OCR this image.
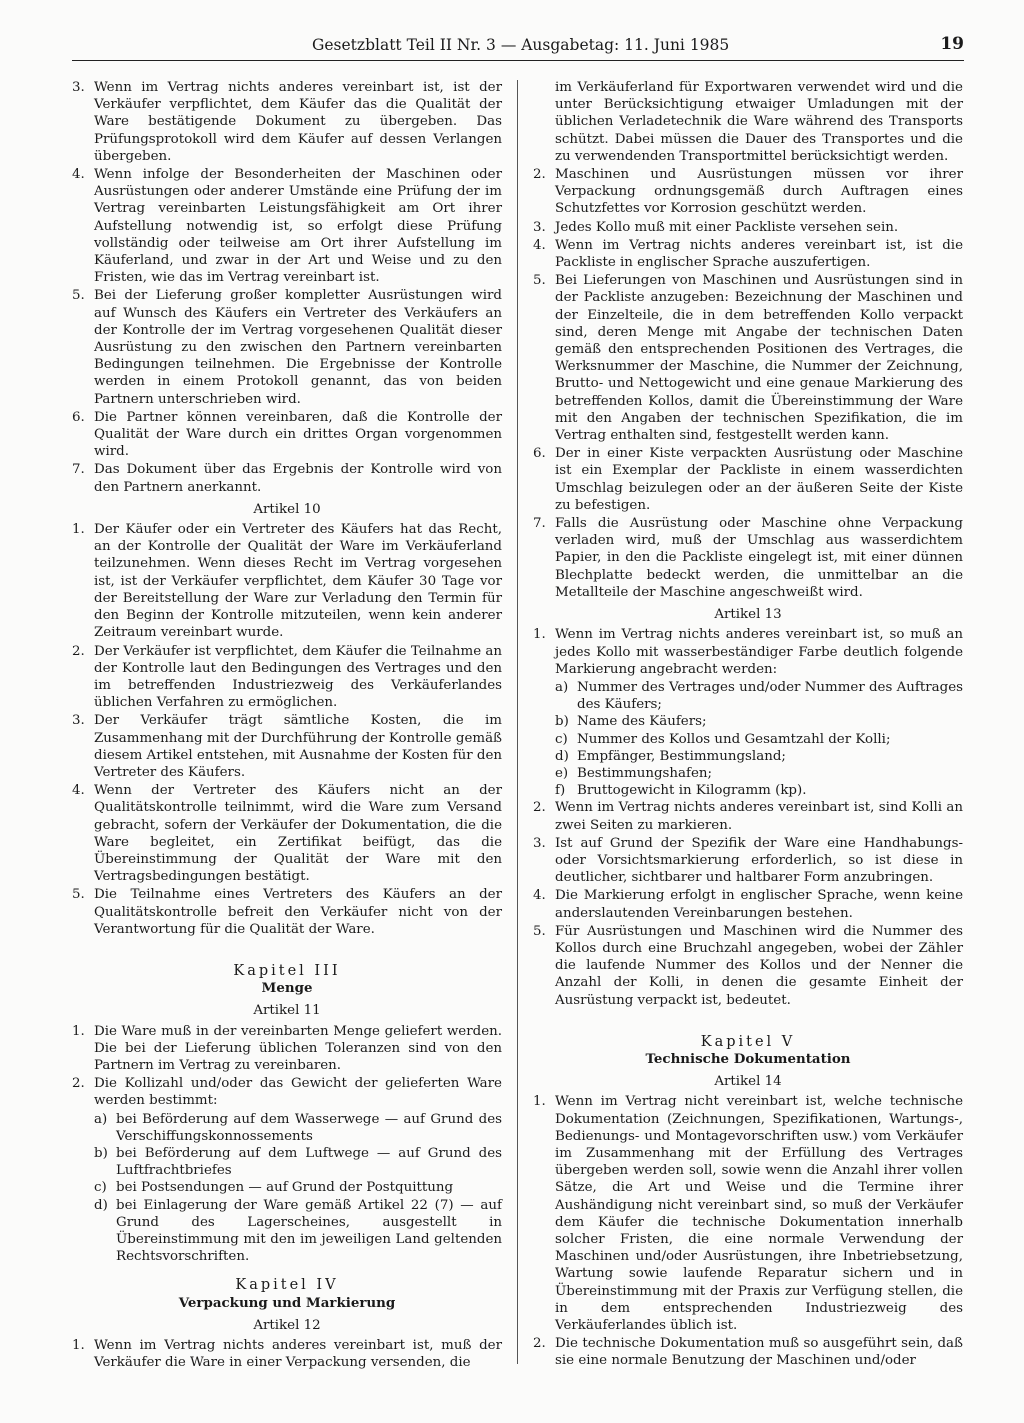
Gesetzblatt Teil II Nr. 3 — Ausgabetag: 11. Juni 1985	19
3. Wenn im Vertrag nichts anderes vereinbart ist, ist der Verkäufer verpflichtet, dem Käufer das die Qualität der Ware bestätigende Dokument zu übergeben. Das Prüfungsprotokoll wird dem Käufer auf dessen Verlangen übergeben.
4. Wenn infolge der Besonderheiten der Maschinen oder Ausrüstungen oder anderer Umstände eine Prüfung der im Vertrag vereinbarten Leistungsfähigkeit am Ort ihrer Aufstellung notwendig ist, so erfolgt diese Prüfung vollständig oder teilweise am Ort ihrer Aufstellung im Käuferland, und zwar in der Art und Weise und zu den Fristen, wie das im Vertrag vereinbart ist.
5. Bei der Lieferung großer kompletter Ausrüstungen wird auf Wunsch des Käufers ein Vertreter des Verkäufers an der Kontrolle der im Vertrag vorgesehenen Qualität dieser Ausrüstung zu den zwischen den Partnern vereinbarten Bedingungen teilnehmen. Die Ergebnisse der Kontrolle werden in einem Protokoll genannt, das von beiden Partnern unterschrieben wird.
6. Die Partner können vereinbaren, daß die Kontrolle der Qualität der Ware durch ein drittes Organ vorgenommen wird.
7. Das Dokument über das Ergebnis der Kontrolle wird von den Partnern anerkannt.
Artikel 10
1. Der Käufer oder ein Vertreter des Käufers hat das Recht, an der Kontrolle der Qualität der Ware im Verkäuferland teilzunehmen. Wenn dieses Recht im Vertrag vorgesehen ist, ist der Verkäufer verpflichtet, dem Käufer 30 Tage vor der Bereitstellung der Ware zur Verladung den Termin für den Beginn der Kontrolle mitzuteilen, wenn kein anderer Zeitraum vereinbart wurde.
2. Der Verkäufer ist verpflichtet, dem Käufer die Teilnahme an der Kontrolle laut den Bedingungen des Vertrages und den im betreffenden Industriezweig des Verkäuferlandes üblichen Verfahren zu ermöglichen.
3. Der Verkäufer trägt sämtliche Kosten, die im Zusammenhang mit der Durchführung der Kontrolle gemäß diesem Artikel entstehen, mit Ausnahme der Kosten für den Vertreter des Käufers.
4. Wenn der Vertreter des Käufers nicht an der Qualitätskontrolle teilnimmt, wird die Ware zum Versand gebracht, sofern der Verkäufer der Dokumentation, die die Ware begleitet, ein Zertifikat beifügt, das die Übereinstimmung der Qualität der Ware mit den Vertragsbedingungen bestätigt.
5. Die Teilnahme eines Vertreters des Käufers an der Qualitätskontrolle befreit den Verkäufer nicht von der Verantwortung für die Qualität der Ware.
Kapitel III
Menge
Artikel 11
1. Die Ware muß in der vereinbarten Menge geliefert werden. Die bei der Lieferung üblichen Toleranzen sind von den Partnern im Vertrag zu vereinbaren.
2. Die Kollizahl und/oder das Gewicht der gelieferten Ware werden bestimmt:
a) bei Beförderung auf dem Wasserwege — auf Grund des Verschiffungskonnossements
b) bei Beförderung auf dem Luftwege — auf Grund des Luftfrachtbriefes
c) bei Postsendungen — auf Grund der Postquittung
d) bei Einlagerung der Ware gemäß Artikel 22 (7) — auf Grund des Lagerscheines, ausgestellt in Übereinstimmung mit den im jeweiligen Land geltenden Rechtsvorschriften.
Kapitel IV
Verpackung und Markierung
Artikel 12
1. Wenn im Vertrag nichts anderes vereinbart ist, muß der Verkäufer die Ware in einer Verpackung versenden, die
im Verkäuferland für Exportwaren verwendet wird und die unter Berücksichtigung etwaiger Umladungen mit der üblichen Verladetechnik die Ware während des Transports schützt. Dabei müssen die Dauer des Transportes und die zu verwendenden Transportmittel berücksichtigt werden.
2. Maschinen und Ausrüstungen müssen vor ihrer Verpackung ordnungsgemäß durch Auftragen eines Schutzfettes vor Korrosion geschützt werden.
3. Jedes Kollo muß mit einer Packliste versehen sein.
4. Wenn im Vertrag nichts anderes vereinbart ist, ist die Packliste in englischer Sprache auszufertigen.
5. Bei Lieferungen von Maschinen und Ausrüstungen sind in der Packliste anzugeben: Bezeichnung der Maschinen und der Einzelteile, die in dem betreffenden Kollo verpackt sind, deren Menge mit Angabe der technischen Daten gemäß den entsprechenden Positionen des Vertrages, die Werksnummer der Maschine, die Nummer der Zeichnung, Brutto- und Nettogewicht und eine genaue Markierung des betreffenden Kollos, damit die Übereinstimmung der Ware mit den Angaben der technischen Spezifikation, die im Vertrag enthalten sind, festgestellt werden kann.
6. Der in einer Kiste verpackten Ausrüstung oder Maschine ist ein Exemplar der Packliste in einem wasserdichten Umschlag beizulegen oder an der äußeren Seite der Kiste zu befestigen.
7. Falls die Ausrüstung oder Maschine ohne Verpackung verladen wird, muß der Umschlag aus wasserdichtem Papier, in den die Packliste eingelegt ist, mit einer dünnen Blechplatte bedeckt werden, die unmittelbar an die Metallteile der Maschine angeschweißt wird.
Artikel 13
1. Wenn im Vertrag nichts anderes vereinbart ist, so muß an jedes Kollo mit wasserbeständiger Farbe deutlich folgende Markierung angebracht werden:
a) Nummer des Vertrages und/oder Nummer des Auftrages des Käufers;
b) Name des Käufers;
c) Nummer des Kollos und Gesamtzahl der Kolli;
d) Empfänger, Bestimmungsland;
e) Bestimmungshafen;
f) Bruttogewicht in Kilogramm (kp).
2. Wenn im Vertrag nichts anderes vereinbart ist, sind Kolli an zwei Seiten zu markieren.
3. Ist auf Grund der Spezifik der Ware eine Handhabungs- oder Vorsichtsmarkierung erforderlich, so ist diese in deutlicher, sichtbarer und haltbarer Form anzubringen.
4. Die Markierung erfolgt in englischer Sprache, wenn keine anderslautenden Vereinbarungen bestehen.
5. Für Ausrüstungen und Maschinen wird die Nummer des Kollos durch eine Bruchzahl angegeben, wobei der Zähler die laufende Nummer des Kollos und der Nenner die Anzahl der Kolli, in denen die gesamte Einheit der Ausrüstung verpackt ist, bedeutet.
Kapitel V
Technische Dokumentation
Artikel 14
1. Wenn im Vertrag nicht vereinbart ist, welche technische Dokumentation (Zeichnungen, Spezifikationen, Wartungs-, Bedienungs- und Montagevorschriften usw.) vom Verkäufer im Zusammenhang mit der Erfüllung des Vertrages übergeben werden soll, sowie wenn die Anzahl ihrer vollen Sätze, die Art und Weise und die Termine ihrer Aushändigung nicht vereinbart sind, so muß der Verkäufer dem Käufer die technische Dokumentation innerhalb solcher Fristen, die eine normale Verwendung der Maschinen und/oder Ausrüstungen, ihre Inbetriebsetzung, Wartung sowie laufende Reparatur sichern und in Übereinstimmung mit der Praxis zur Verfügung stellen, die in dem entsprechenden Industriezweig des Verkäuferlandes üblich ist.
2. Die technische Dokumentation muß so ausgeführt sein, daß sie eine normale Benutzung der Maschinen und/oder
